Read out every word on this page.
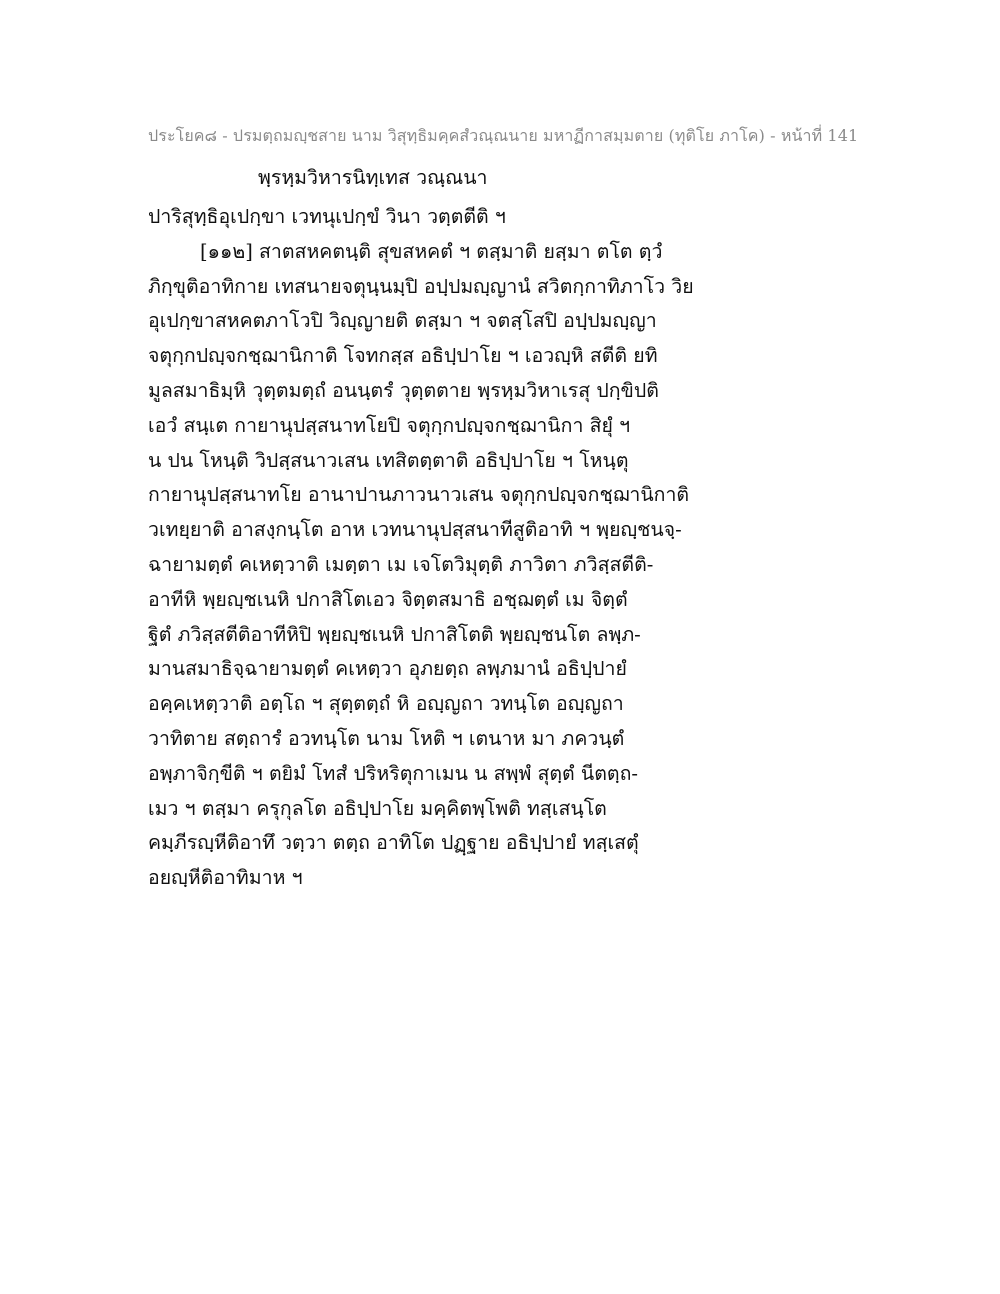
ประโยค๘ - ปรมตฺถมญฺชสาย นาม วิสุทฺธิมคฺคสํวณฺณนาย มหาฏีกาสมฺมตาย (ทุติโย ภาโค) - หน้าที่ 141
พฺรหฺมวิหารนิทฺเทส วณฺณนา
ปาริสุทฺธิอุเปกฺขา เวทนุเปกฺขํ วินา วตฺตตีติ ฯ
[๑๑๒] สาตสหคตนฺติ สุขสหคตํ ฯ ตสฺมาติ ยสฺมา ตโต ตฺวํ
ภิกฺขุติอาทิกาย เทสนายจตุนฺนมฺปิ อปฺปมญฺญานํ สวิตกฺกาทิภาโว วิย
อุเปกฺขาสหคตภาโวปิ วิญฺญายติ ตสฺมา ฯ จตสฺโสปิ อปฺปมญฺญา
จตุกฺกปญฺจกชฺฌานิกาติ โจทกสฺส อธิปฺปาโย ฯ เอวญฺหิ สตีติ ยทิ
มูลสมาธิมฺหิ วุตฺตมตฺถํ อนนฺตรํ วุตฺตตาย พฺรหฺมวิหาเรสุ ปกฺขิปติ
เอวํ สนฺเต กายานุปสฺสนาทโยปิ จตุกฺกปญฺจกชฺฌานิกา สิยุํ ฯ
น ปน โหนฺติ วิปสฺสนาวเสน เทสิตตฺตาติ อธิปฺปาโย ฯ โหนฺตุ
กายานุปสฺสนาทโย อานาปานภาวนาวเสน จตุกฺกปญฺจกชฺฌานิกาติ
วเทยฺยาติ อาสงฺกนฺโต อาห เวทนานุปสฺสนาทีสูติอาทิ ฯ พฺยญฺชนจฺ-
ฉายามตฺตํ คเหตฺวาติ เมตฺตา เม เจโตวิมุตฺติ ภาวิตา ภวิสฺสตีติ-
อาทีหิ พฺยญฺชเนหิ ปกาสิโตเอว จิตฺตสมาธิ อชฺฌตฺตํ เม จิตฺตํ
ฐิตํ ภวิสฺสตีติอาทีหิปิ พฺยญฺชเนหิ ปกาสิโตติ พฺยญฺชนโต ลพฺภ-
มานสมาธิจฺฉายามตฺตํ คเหตฺวา อุภยตฺถ ลพฺภมานํ อธิปฺปายํ
อคฺคเหตฺวาติ อตฺโถ ฯ สุตฺตตฺถํ หิ อญฺญถา วทนฺโต อญฺญถา
วาทิตาย สตฺถารํ อวทนฺโต นาม โหติ ฯ เตนาห มา ภควนฺตํ
อพฺภาจิกฺขีติ ฯ ตยิมํ โทสํ ปริหริตุกาเมน น สพฺพํ สุตฺตํ นีตตฺถ-
เมว ฯ ตสฺมา ครุกุลโต อธิปฺปาโย มคฺคิตพฺโพติ ทสฺเสนฺโต
คมฺภีรญฺหีติอาทึ วตฺวา ตตฺถ อาทิโต ปฏฺฐาย อธิปฺปายํ ทสฺเสตุํ
อยญฺหีติอาทิมาห ฯ
